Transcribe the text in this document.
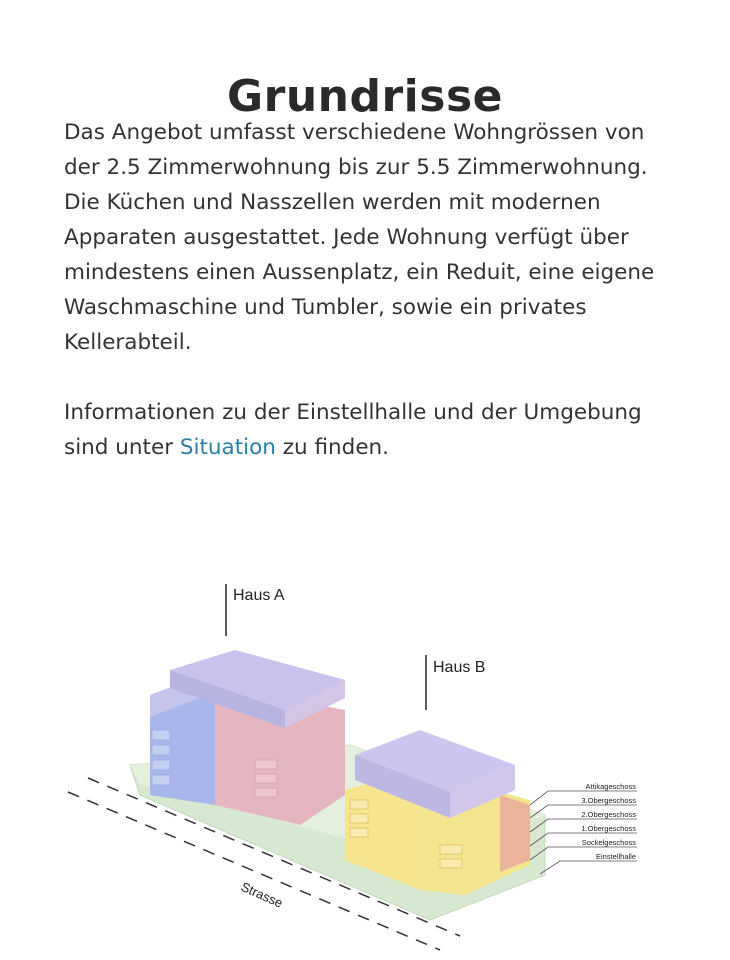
Grundrisse

Das Angebot umfasst verschiedene Wohngrössen von der 2.5 Zimmerwohnung bis zur 5.5 Zimmerwohnung. Die Küchen und Nasszellen werden mit modernen Apparaten ausgestattet. Jede Wohnung verfügt über mindestens einen Aussenplatz, ein Reduit, eine eigene Waschmaschine und Tumbler, sowie ein privates Kellerabteil.

Informationen zu der Einstellhalle und der Umgebung sind unter Situation zu finden.

Strasse
Haus A
Haus B
Attikageschoss
3.Obergeschoss
2.Obergeschoss
1.Obergeschoss
Sockelgeschoss
Einstellhalle
